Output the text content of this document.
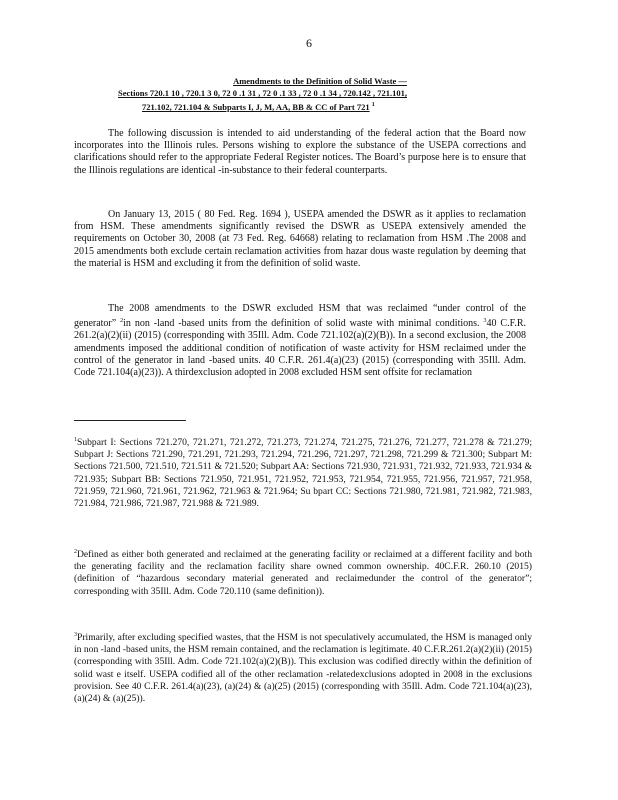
6
Amendments to the Definition of Solid Waste —
Sections 720.1 10 , 720.1 3 0, 72 0 .1 31 , 72 0 .1 33 , 72 0 .1 34 , 720.142 , 721.101,
721.102, 721.104 & Subparts I, J, M, AA, BB & CC of Part 721 $^1$

The following discussion is intended to aid understanding of the federal action that the Board now incorporates into the Illinois rules. Persons wishing to explore the substance of the USEPA corrections and clarifications should refer to the appropriate Federal Register notices. The Board’s purpose here is to ensure that the Illinois regulations are identical -in-substance to their federal counterparts.

On January 13, 2015 ( 80 Fed. Reg. 1694 ), USEPA amended the DSWR as it applies to reclamation from HSM. These amendments significantly revised the DSWR as USEPA extensively amended the requirements on October 30, 2008 (at 73 Fed. Reg. 64668) relating to reclamation from HSM .The 2008 and 2015 amendments both exclude certain reclamation activities from hazar dous waste regulation by deeming that the material is HSM and excluding it from the definition of solid waste.

The 2008 amendments to the DSWR excluded HSM that was reclaimed “under control of the generator” $^2$in non -land -based units from the definition of solid waste with minimal conditions. $^3$40 C.F.R. 261.2(a)(2)(ii) (2015) (corresponding with 35Ill. Adm. Code 721.102(a)(2)(B)). In a second exclusion, the 2008 amendments imposed the additional condition of notification of waste activity for HSM reclaimed under the control of the generator in land -based units. 40 C.F.R. 261.4(a)(23) (2015) (corresponding with 35Ill. Adm. Code 721.104(a)(23)). A thirdexclusion adopted in 2008 excluded HSM sent offsite for reclamation

$^1$Subpart I: Sections 721.270, 721.271, 721.272, 721.273, 721.274, 721.275, 721.276, 721.277, 721.278 & 721.279; Subpart J: Sections 721.290, 721.291, 721.293, 721.294, 721.296, 721.297, 721.298, 721.299 & 721.300; Subpart M: Sections 721.500, 721.510, 721.511 & 721.520; Subpart AA: Sections 721.930, 721.931, 721.932, 721.933, 721.934 & 721.935; Subpart BB: Sections 721.950, 721.951, 721.952, 721.953, 721.954, 721.955, 721.956, 721.957, 721.958, 721.959, 721.960, 721.961, 721.962, 721.963 & 721.964; Su bpart CC: Sections 721.980, 721.981, 721.982, 721.983, 721.984, 721.986, 721.987, 721.988 & 721.989.

$^2$Defined as either both generated and reclaimed at the generating facility or reclaimed at a different facility and both the generating facility and the reclamation facility share owned common ownership. 40C.F.R. 260.10 (2015) (definition of “hazardous secondary material generated and reclaimedunder the control of the generator”; corresponding with 35Ill. Adm. Code 720.110 (same definition)).

$^3$Primarily, after excluding specified wastes, that the HSM is not speculatively accumulated, the HSM is managed only in non -land -based units, the HSM remain contained, and the reclamation is legitimate. 40 C.F.R.261.2(a)(2)(ii) (2015) (corresponding with 35Ill. Adm. Code 721.102(a)(2)(B)). This exclusion was codified directly within the definition of solid wast e itself. USEPA codified all of the other reclamation -relatedexclusions adopted in 2008 in the exclusions provision. See 40 C.F.R. 261.4(a)(23), (a)(24) & (a)(25) (2015) (corresponding with 35Ill. Adm. Code 721.104(a)(23), (a)(24) & (a)(25)).
